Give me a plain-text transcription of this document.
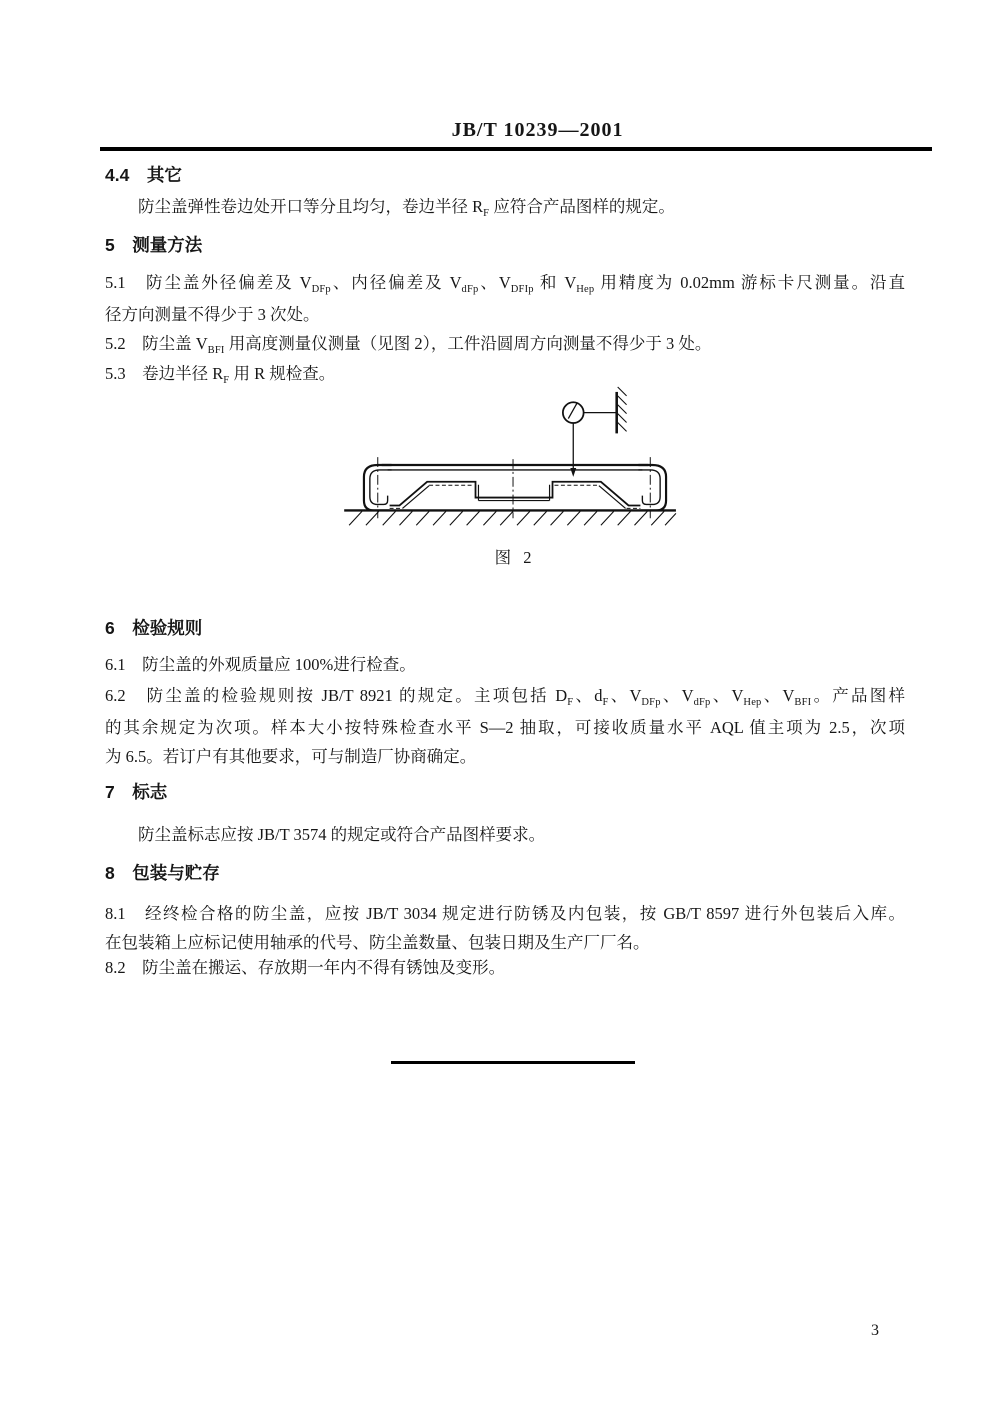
JB/T 10239—2001
4.4　其它
防尘盖弹性卷边处开口等分且均匀，卷边半径 $R_F$ 应符合产品图样的规定。
5　测量方法
5.1　防尘盖外径偏差及 $V_{DFp}$、内径偏差及 $V_{dFp}$、$V_{DFIp}$ 和 $V_{Hep}$ 用精度为 0.02mm 游标卡尺测量。沿直
径方向测量不得少于 3 次处。
5.2　防尘盖 $V_{BFI}$ 用高度测量仪测量（见图 2），工件沿圆周方向测量不得少于 3 处。
5.3　卷边半径 $R_F$ 用 R 规检查。
图 2
6　检验规则
6.1　防尘盖的外观质量应 100%进行检查。
6.2　防尘盖的检验规则按 JB/T 8921 的规定。主项包括 $D_F$、$d_F$、$V_{DFp}$、$V_{dFp}$、$V_{Hep}$、$V_{BFI}$。产品图样
的其余规定为次项。样本大小按特殊检查水平 S—2 抽取，可接收质量水平 AQL 值主项为 2.5，次项
为 6.5。若订户有其他要求，可与制造厂协商确定。
7　标志
防尘盖标志应按 JB/T 3574 的规定或符合产品图样要求。
8　包装与贮存
8.1　经终检合格的防尘盖，应按 JB/T 3034 规定进行防锈及内包装，按 GB/T 8597 进行外包装后入库。
在包装箱上应标记使用轴承的代号、防尘盖数量、包装日期及生产厂厂名。
8.2　防尘盖在搬运、存放期一年内不得有锈蚀及变形。
3
